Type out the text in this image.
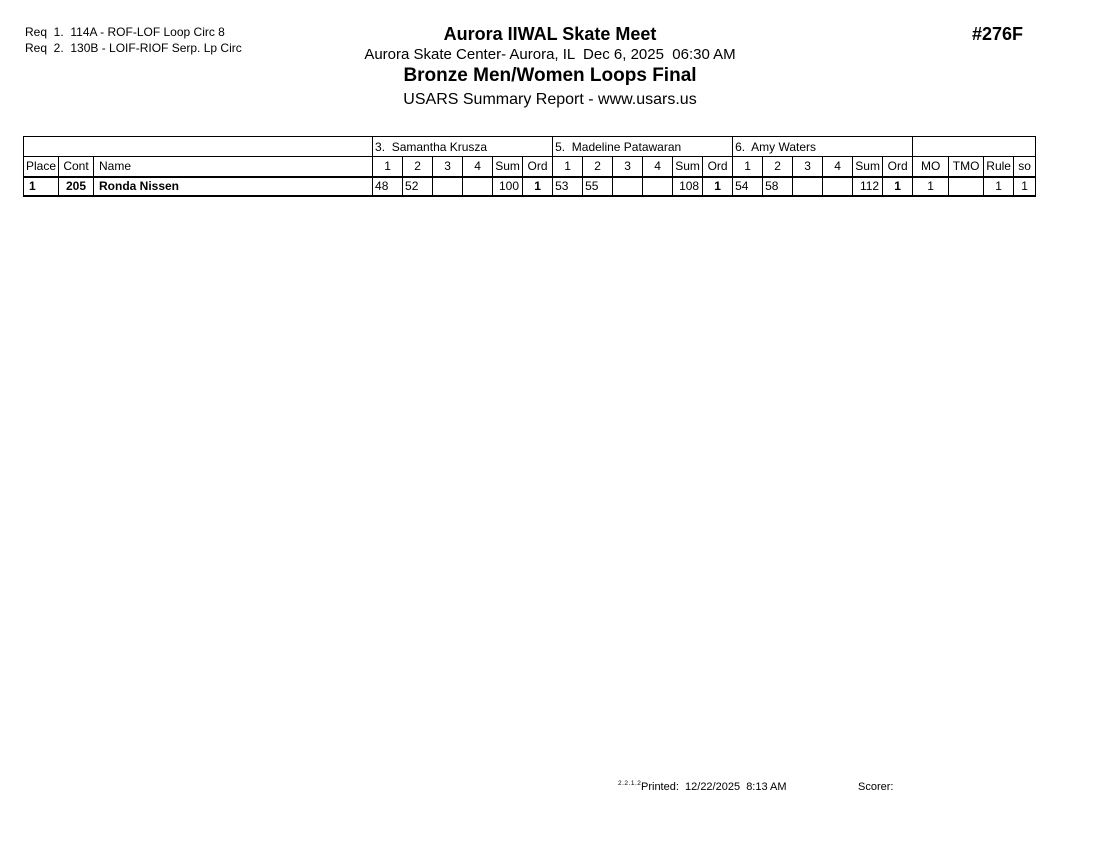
Req  1.  114A - ROF-LOF Loop Circ 8
Req  2.  130B - LOIF-RIOF Serp. Lp Circ
Aurora IIWAL Skate Meet
Aurora Skate Center- Aurora, IL  Dec 6, 2025  06:30 AM
Bronze Men/Women Loops Final
USARS Summary Report - www.usars.us
#276F
			3.  Samantha Krusza						5.  Madeline Patawaran						6.  Amy Waters									
Place	Cont	Name	1	2	3	4	Sum	Ord	1	2	3	4	Sum	Ord	1	2	3	4	Sum	Ord	MO	TMO	Rule	so
1	205	Ronda Nissen	48	52			100	1	53	55			108	1	54	58			112	1	1		1	1
2.2.1.2 Printed:  12/22/2025  8:13 AM	Scorer:
